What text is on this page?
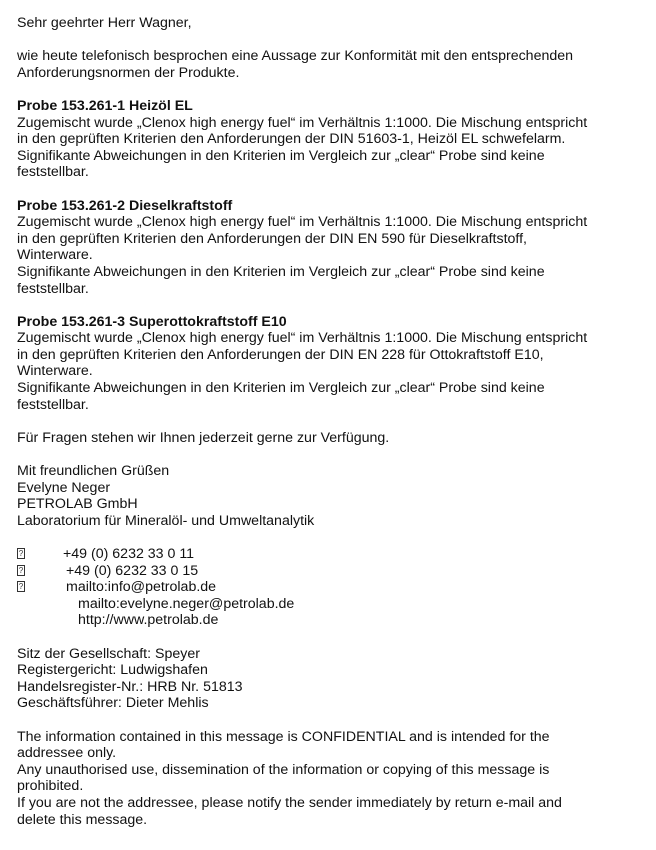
Sehr geehrter Herr Wagner,

wie heute telefonisch besprochen eine Aussage zur Konformität mit den entsprechenden
Anforderungsnormen der Produkte.

Probe 153.261-1 Heizöl EL

Zugemischt wurde „Clenox high energy fuel“ im Verhältnis 1:1000. Die Mischung entspricht
in den geprüften Kriterien den Anforderungen der DIN 51603-1, Heizöl EL schwefelarm.
Signifikante Abweichungen in den Kriterien im Vergleich zur „clear“ Probe sind keine
feststellbar.

Probe 153.261-2 Dieselkraftstoff

Zugemischt wurde „Clenox high energy fuel“ im Verhältnis 1:1000. Die Mischung entspricht
in den geprüften Kriterien den Anforderungen der DIN EN 590 für Dieselkraftstoff,
Winterware.
Signifikante Abweichungen in den Kriterien im Vergleich zur „clear“ Probe sind keine
feststellbar.

Probe 153.261-3 Superottokraftstoff E10

Zugemischt wurde „Clenox high energy fuel“ im Verhältnis 1:1000. Die Mischung entspricht
in den geprüften Kriterien den Anforderungen der DIN EN 228 für Ottokraftstoff E10,
Winterware.
Signifikante Abweichungen in den Kriterien im Vergleich zur „clear“ Probe sind keine
feststellbar.

Für Fragen stehen wir Ihnen jederzeit gerne zur Verfügung.

Mit freundlichen Grüßen

Evelyne Neger

PETROLAB GmbH

Laboratorium für Mineralöl- und Umweltanalytik

?	+49 (0) 6232 33 0 11
?	+49 (0) 6232 33 0 15
?	mailto:info@petrolab.de
mailto:evelyne.neger@petrolab.de
http://www.petrolab.de

Sitz der Gesellschaft: Speyer

Registergericht: Ludwigshafen

Handelsregister-Nr.: HRB Nr. 51813

Geschäftsführer: Dieter Mehlis

The information contained in this message is CONFIDENTIAL and is intended for the
addressee only.
Any unauthorised use, dissemination of the information or copying of this message is
prohibited.
If you are not the addressee, please notify the sender immediately by return e-mail and
delete this message.
